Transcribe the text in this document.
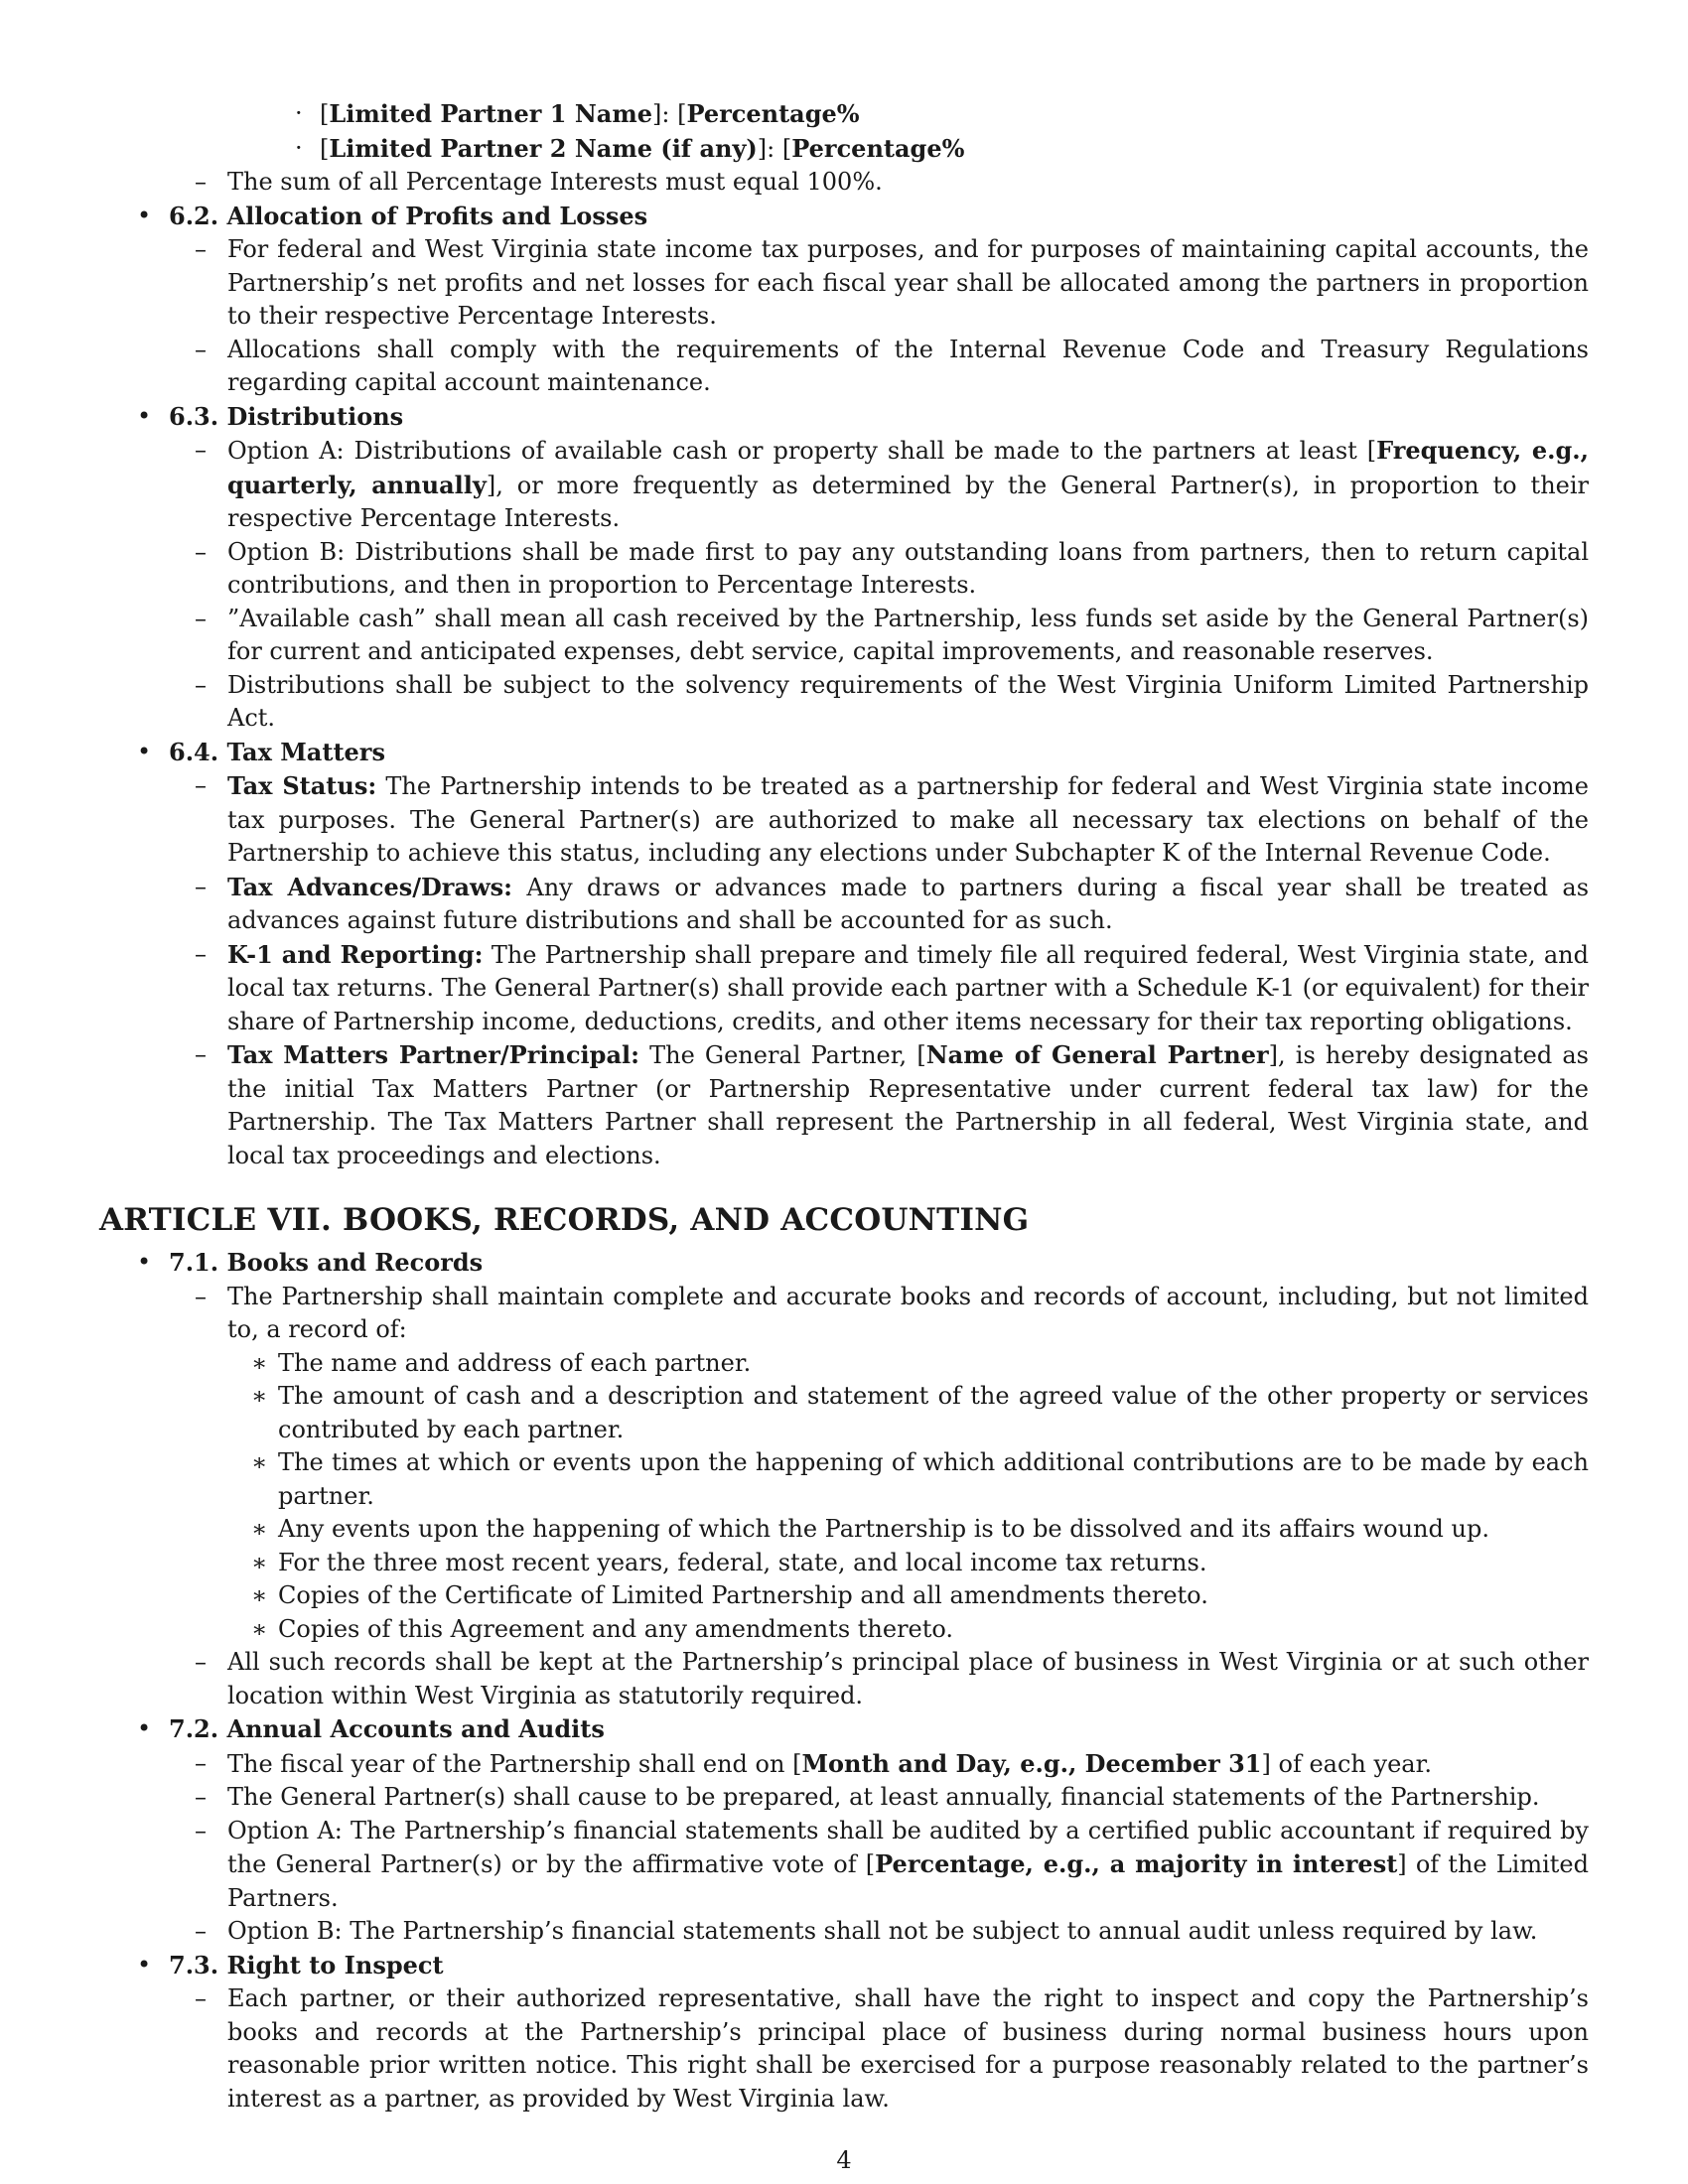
· [Limited Partner 1 Name]: [Percentage%
· [Limited Partner 2 Name (if any)]: [Percentage%
– The sum of all Percentage Interests must equal 100%.
• 6.2. Allocation of Profits and Losses
– For federal and West Virginia state income tax purposes, and for purposes of maintaining capital accounts, the Partnership’s net profits and net losses for each fiscal year shall be allocated among the partners in proportion to their respective Percentage Interests.
– Allocations shall comply with the requirements of the Internal Revenue Code and Treasury Regulations regarding capital account maintenance.
• 6.3. Distributions
– Option A: Distributions of available cash or property shall be made to the partners at least [Frequency, e.g., quarterly, annually], or more frequently as determined by the General Partner(s), in proportion to their respective Percentage Interests.
– Option B: Distributions shall be made first to pay any outstanding loans from partners, then to return capital contributions, and then in proportion to Percentage Interests.
– ”Available cash” shall mean all cash received by the Partnership, less funds set aside by the General Partner(s) for current and anticipated expenses, debt service, capital improvements, and reasonable reserves.
– Distributions shall be subject to the solvency requirements of the West Virginia Uniform Limited Partnership Act.
• 6.4. Tax Matters
– Tax Status: The Partnership intends to be treated as a partnership for federal and West Virginia state income tax purposes. The General Partner(s) are authorized to make all necessary tax elections on behalf of the Partnership to achieve this status, including any elections under Subchapter K of the Internal Revenue Code.
– Tax Advances/Draws: Any draws or advances made to partners during a fiscal year shall be treated as advances against future distributions and shall be accounted for as such.
– K-1 and Reporting: The Partnership shall prepare and timely file all required federal, West Virginia state, and local tax returns. The General Partner(s) shall provide each partner with a Schedule K-1 (or equivalent) for their share of Partnership income, deductions, credits, and other items necessary for their tax reporting obligations.
– Tax Matters Partner/Principal: The General Partner, [Name of General Partner], is hereby designated as the initial Tax Matters Partner (or Partnership Representative under current federal tax law) for the Partnership. The Tax Matters Partner shall represent the Partnership in all federal, West Virginia state, and local tax proceedings and elections.
ARTICLE VII. BOOKS, RECORDS, AND ACCOUNTING
• 7.1. Books and Records
– The Partnership shall maintain complete and accurate books and records of account, including, but not limited to, a record of:
∗ The name and address of each partner.
∗ The amount of cash and a description and statement of the agreed value of the other property or services contributed by each partner.
∗ The times at which or events upon the happening of which additional contributions are to be made by each partner.
∗ Any events upon the happening of which the Partnership is to be dissolved and its affairs wound up.
∗ For the three most recent years, federal, state, and local income tax returns.
∗ Copies of the Certificate of Limited Partnership and all amendments thereto.
∗ Copies of this Agreement and any amendments thereto.
– All such records shall be kept at the Partnership’s principal place of business in West Virginia or at such other location within West Virginia as statutorily required.
• 7.2. Annual Accounts and Audits
– The fiscal year of the Partnership shall end on [Month and Day, e.g., December 31] of each year.
– The General Partner(s) shall cause to be prepared, at least annually, financial statements of the Partnership.
– Option A: The Partnership’s financial statements shall be audited by a certified public accountant if required by the General Partner(s) or by the affirmative vote of [Percentage, e.g., a majority in interest] of the Limited Partners.
– Option B: The Partnership’s financial statements shall not be subject to annual audit unless required by law.
• 7.3. Right to Inspect
– Each partner, or their authorized representative, shall have the right to inspect and copy the Partnership’s books and records at the Partnership’s principal place of business during normal business hours upon reasonable prior written notice. This right shall be exercised for a purpose reasonably related to the partner’s interest as a partner, as provided by West Virginia law.
4
